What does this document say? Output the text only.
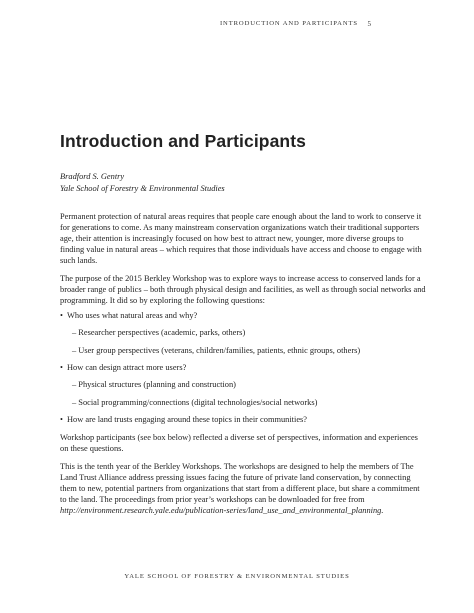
INTRODUCTION AND PARTICIPANTS 5
Introduction and Participants
Bradford S. Gentry
Yale School of Forestry & Environmental Studies

Permanent protection of natural areas requires that people care enough about the land to work to conserve it for generations to come. As many mainstream conservation organizations watch their traditional supporters age, their attention is increasingly focused on how best to attract new, younger, more diverse groups to finding value in natural areas – which requires that those individuals have access and choose to engage with such lands.

The purpose of the 2015 Berkley Workshop was to explore ways to increase access to conserved lands for a broader range of publics – both through physical design and facilities, as well as through social networks and programming. It did so by exploring the following questions:

• Who uses what natural areas and why?
– Researcher perspectives (academic, parks, others)
– User group perspectives (veterans, children/families, patients, ethnic groups, others)
• How can design attract more users?
– Physical structures (planning and construction)
– Social programming/connections (digital technologies/social networks)
• How are land trusts engaging around these topics in their communities?

Workshop participants (see box below) reflected a diverse set of perspectives, information and experiences on these questions.

This is the tenth year of the Berkley Workshops. The workshops are designed to help the members of The Land Trust Alliance address pressing issues facing the future of private land conservation, by connecting them to new, potential partners from organizations that start from a different place, but share a commitment to the land. The proceedings from prior year’s workshops can be downloaded for free from http://environment.research.yale.edu/publication-series/land_use_and_environmental_planning.

YALE SCHOOL OF FORESTRY & ENVIRONMENTAL STUDIES
